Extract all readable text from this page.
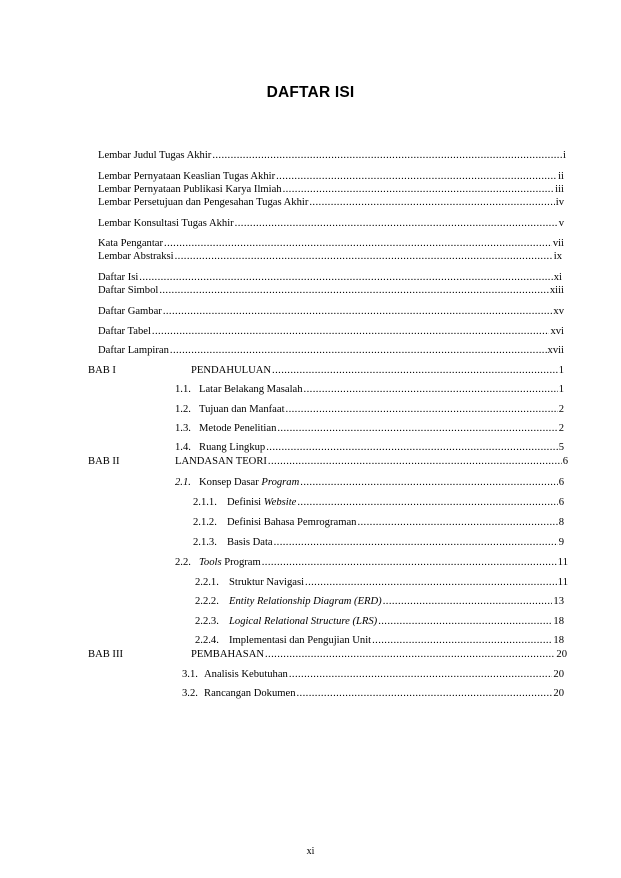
DAFTAR ISI
Lembar Judul Tugas Akhir .....	i
Lembar Pernyataan Keaslian Tugas Akhir .....	ii
Lembar Pernyataan Publikasi Karya Ilmiah .....	iii
Lembar Persetujuan dan Pengesahan Tugas Akhir .....	iv
Lembar Konsultasi Tugas Akhir .....	v
Kata Pengantar .....	vii
Lembar Abstraksi .....	ix
Daftar Isi .....	xi
Daftar Simbol .....	xiii
Daftar Gambar .....	xv
Daftar Tabel .....	xvi
Daftar Lampiran .....	xvii
BAB I	PENDAHULUAN .....	1
1.1. Latar Belakang Masalah .....	1
1.2. Tujuan dan Manfaat .....	2
1.3. Metode Penelitian .....	2
1.4. Ruang Lingkup .....	5
BAB II	LANDASAN TEORI .....	6
2.1. Konsep Dasar Program .....	6
2.1.1. Definisi Website .....	6
2.1.2. Definisi Bahasa Pemrograman .....	8
2.1.3. Basis Data .....	9
2.2. Tools Program .....	11
2.2.1. Struktur Navigasi .....	11
2.2.2. Entity Relationship Diagram (ERD) .....	13
2.2.3. Logical Relational Structure (LRS) .....	18
2.2.4. Implementasi dan Pengujian Unit .....	18
BAB III	PEMBAHASAN .....	20
3.1. Analisis Kebutuhan .....	20
3.2. Rancangan Dokumen .....	20
xi
